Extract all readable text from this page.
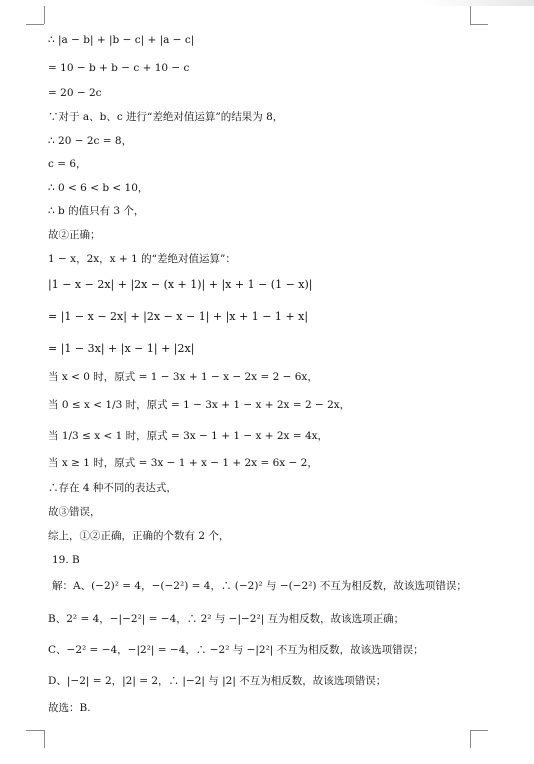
∴ |a − b| + |b − c| + |a − c|
= 10 − b + b − c + 10 − c
= 20 − 2c
∵对于 a、b、c 进行“差绝对值运算”的结果为 8，
∴ 20 − 2c = 8，
c = 6，
∴ 0 < 6 < b < 10，
∴ b 的值只有 3 个，
故②正确；
1 − x，2x，x + 1 的“差绝对值运算”：
|1 − x − 2x| + |2x − (x + 1)| + |x + 1 − (1 − x)|
= |1 − x − 2x| + |2x − x − 1| + |x + 1 − 1 + x|
= |1 − 3x| + |x − 1| + |2x|
当 x < 0 时，原式 = 1 − 3x + 1 − x − 2x = 2 − 6x，
当 0 ≤ x < 1/3 时，原式 = 1 − 3x + 1 − x + 2x = 2 − 2x，
当 1/3 ≤ x < 1 时，原式 = 3x − 1 + 1 − x + 2x = 4x，
当 x ≥ 1 时，原式 = 3x − 1 + x − 1 + 2x = 6x − 2，
∴存在 4 种不同的表达式，
故③错误，
综上，①②正确，正确的个数有 2 个，
19. B
解：A、(−2)² = 4，−(−2²) = 4，∴ (−2)² 与 −(−2²) 不互为相反数，故该选项错误；
B、2² = 4，−|−2²| = −4，∴ 2² 与 −|−2²| 互为相反数，故该选项正确；
C、−2² = −4，−|2²| = −4，∴ −2² 与 −|2²| 不互为相反数，故该选项错误；
D、|−2| = 2，|2| = 2，∴ |−2| 与 |2| 不互为相反数，故该选项错误；
故选：B.
